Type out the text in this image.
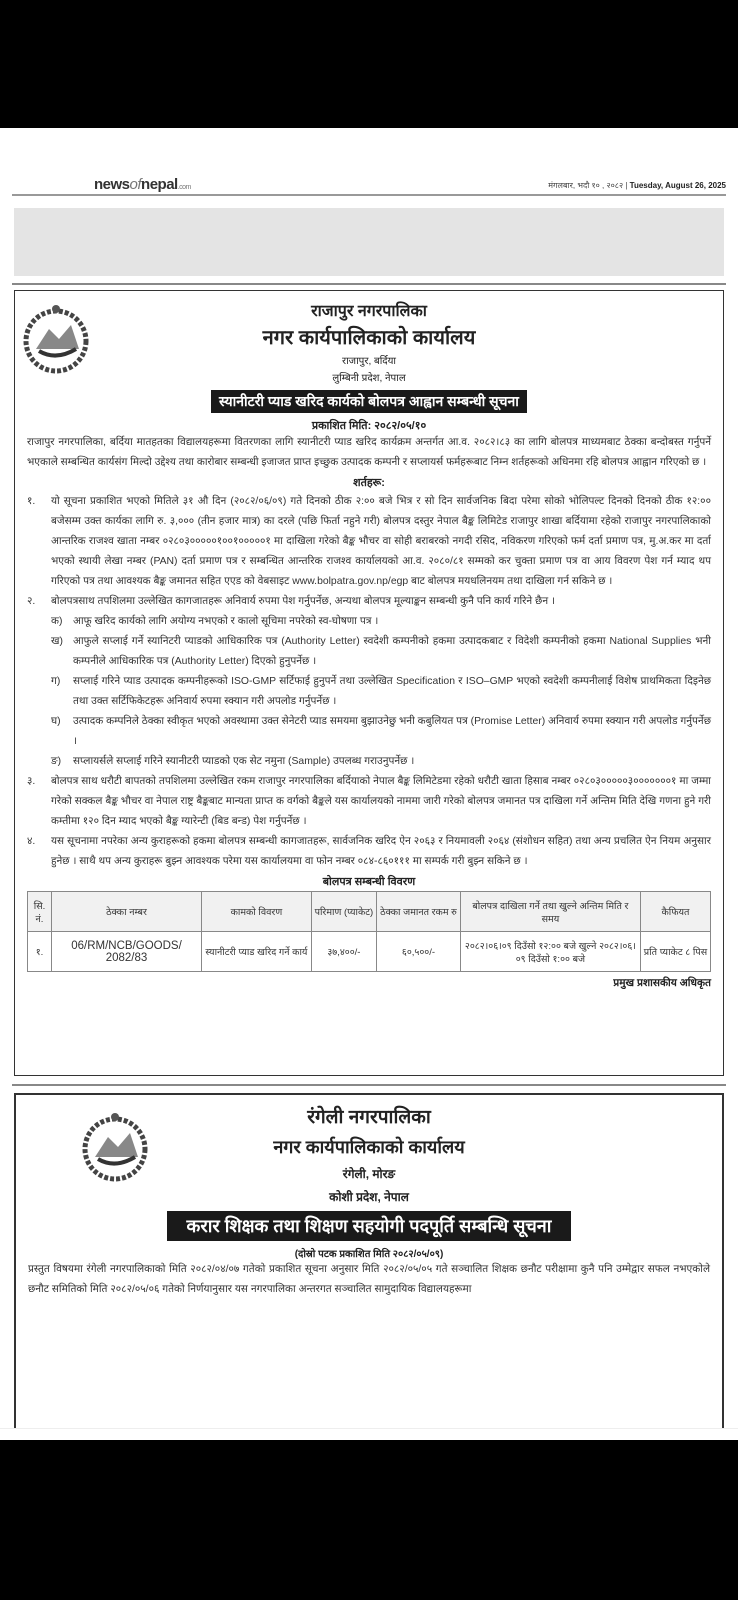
newsofnepal.com	मंगलबार, भदौ १० , २०८२ | Tuesday, August 26, 2025
राजापुर नगरपालिका
नगर कार्यपालिकाको कार्यालय
राजापुर, बर्दिया
लुम्बिनी प्रदेश, नेपाल
स्यानीटरी प्याड खरिद कार्यको बोलपत्र आह्वान सम्बन्धी सूचना
प्रकाशित मिति: २०८२/०५/१०
राजापुर नगरपालिका, बर्दिया मातहतका विद्यालयहरूमा वितरणका लागि स्यानीटरी प्याड खरिद कार्यक्रम अन्तर्गत आ.व. २०८२।८३ का लागि बोलपत्र माध्यमबाट ठेक्का बन्दोबस्त गर्नुपर्ने भएकाले सम्बन्धित कार्यसंग मिल्दो उद्देश्य तथा कारोबार सम्बन्धी इजाजत प्राप्त इच्छुक उत्पादक कम्पनी र सप्लायर्स फर्महरूबाट निम्न शर्तहरूको अधिनमा रहि बोलपत्र आह्वान गरिएको छ ।
शर्तहरू:
१.	यो सूचना प्रकाशित भएको मितिले ३१ औ दिन (२०८२/०६/०९) गते दिनको ठीक २:०० बजे भित्र र सो दिन सार्वजनिक बिदा परेमा सोको भोलिपल्ट दिनको दिनको ठीक १२:०० बजेसम्म उक्त कार्यका लागि रु. ३,००० (तीन हजार मात्र) का दरले (पछि फिर्ता नहुने गरी) बोलपत्र दस्तुर नेपाल बैङ्क लिमिटेड राजापुर शाखा बर्दियामा रहेको राजापुर नगरपालिकाको आन्तरिक राजश्व खाता नम्बर ०२८०३०००००१००१०००००१ मा दाखिला गरेको बैङ्क भौचर वा सोही बराबरको नगदी रसिद, नविकरण गरिएको फर्म दर्ता प्रमाण पत्र, मु.अ.कर मा दर्ता भएको स्थायी लेखा नम्बर (PAN) दर्ता प्रमाण पत्र र सम्बन्धित आन्तरिक राजश्व कार्यालयको आ.व. २०८०/८१ सम्मको कर चुक्ता प्रमाण पत्र वा आय विवरण पेश गर्न म्याद थप गरिएको पत्र तथा आवश्यक बैङ्क जमानत सहित एएड को वेबसाइट www.bolpatra.gov.np/egp बाट बोलपत्र मयधलिनयम तथा दाखिला गर्न सकिने छ ।
२.	बोलपत्रसाथ तपशिलमा उल्लेखित कागजातहरू अनिवार्य रुपमा पेश गर्नुपर्नेछ, अन्यथा बोलपत्र मूल्याङ्कन सम्बन्धी कुनै पनि कार्य गरिने छैन ।
क)	आफू खरिद कार्यको लागि अयोग्य नभएको र कालो सूचिमा नपरेको स्व-घोषणा पत्र ।
ख) आफुले सप्लाई गर्ने स्यानिटरी प्याडको आधिकारिक पत्र (Authority Letter) स्वदेशी कम्पनीको हकमा उत्पादकबाट र विदेशी कम्पनीको हकमा National Supplies भनी कम्पनीले आधिकारिक पत्र (Authority Letter) दिएको हुनुपर्नेछ ।
ग)	सप्लाई गरिने प्याड उत्पादक कम्पनीहरूको ISO-GMP सर्टिफाई हुनुपर्ने तथा उल्लेखित Specification र ISO–GMP भएको स्वदेशी कम्पनीलाई विशेष प्राथमिकता दिइनेछ तथा उक्त सर्टिफिकेटहरू अनिवार्य रुपमा स्क्यान गरी अपलोड गर्नुपर्नेछ ।
घ)	उत्पादक कम्पनिले ठेक्का स्वीकृत भएको अवस्थामा उक्त सेनेटरी प्याड समयमा बुझाउनेछु भनी कबुलियत पत्र (Promise Letter) अनिवार्य रुपमा स्क्यान गरी अपलोड गर्नुपर्नेछ ।
ङ)	सप्लायर्सले सप्लाई गरिने स्यानीटरी प्याडको एक सेट नमुना (Sample) उपलब्ध गराउनुपर्नेछ ।
३.	बोलपत्र साथ धरौटी बापतको तपशिलमा उल्लेखित रकम राजापुर नगरपालिका बर्दियाको नेपाल बैङ्क लिमिटेडमा रहेको धरौटी खाता हिसाब नम्बर ०२८०३०००००३०००००००१ मा जम्मा गरेको सक्कल बैङ्क भौचर वा नेपाल राष्ट्र बैङ्कबाट मान्यता प्राप्त क वर्गको बैङ्कले यस कार्यालयको नाममा जारी गरेको बोलपत्र जमानत पत्र दाखिला गर्ने अन्तिम मिति देखि गणना हुने गरी कम्तीमा १२० दिन म्याद भएको बैङ्क ग्यारेन्टी (बिड बन्ड) पेश गर्नुपर्नेछ ।
४.	यस सूचनामा नपरेका अन्य कुराहरूको हकमा बोलपत्र सम्बन्धी कागजातहरू, सार्वजनिक खरिद ऐन २०६३ र नियमावली २०६४ (संशोधन सहित) तथा अन्य प्रचलित ऐन नियम अनुसार हुनेछ । साथै थप अन्य कुराहरू बुझ्न आवश्यक परेमा यस कार्यालयमा वा फोन नम्बर ०८४-८६०१११ मा सम्पर्क गरी बुझ्न सकिने छ ।
बोलपत्र सम्बन्धी विवरण
सि. नं.	ठेक्का नम्बर	कामको विवरण	परिमाण (प्याकेट)	ठेक्का जमानत रकम रु	बोलपत्र दाखिला गर्ने तथा खुल्ने अन्तिम मिति र समय	कैफियत
१.	06/RM/NCB/GOODS/ 2082/83	स्यानीटरी प्याड खरिद गर्ने कार्य	३७,४००/-	६०,५००/-	२०८२।०६।०९ दिउँसो १२:०० बजे खुल्ने २०८२।०६।०९ दिउँसो १:०० बजे	प्रति प्याकेट ८ पिस
प्रमुख प्रशासकीय अधिकृत
रंगेली नगरपालिका
नगर कार्यपालिकाको कार्यालय
रंगेली, मोरङ
कोशी प्रदेश, नेपाल
करार शिक्षक तथा शिक्षण सहयोगी पदपूर्ति सम्बन्धि सूचना
(दोस्रो पटक प्रकाशित मिति २०८२/०५/०९)
प्रस्तुत विषयमा रंगेली नगरपालिकाको मिति २०८२/०४/०७ गतेको प्रकाशित सूचना अनुसार मिति २०८२/०५/०५ गते सञ्चालित शिक्षक छनौट परीक्षामा कुनै पनि उम्मेद्वार सफल नभएकोले छनौट समितिको मिति २०८२/०५/०६ गतेको निर्णयानुसार यस नगरपालिका अन्तरगत सञ्चालित सामुदायिक विद्यालयहरूमा
